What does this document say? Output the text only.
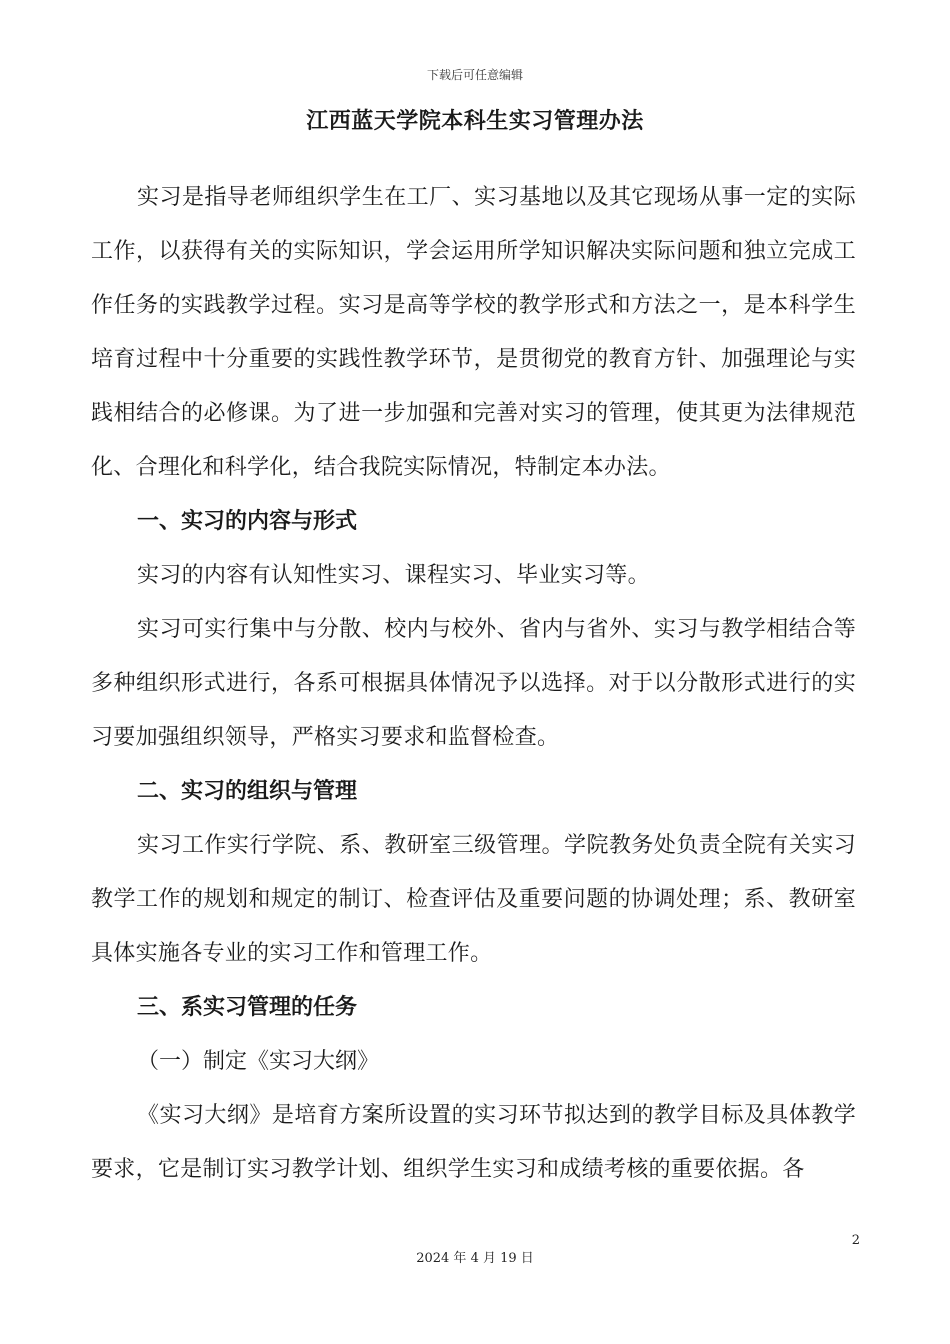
下载后可任意编辑
江西蓝天学院本科生实习管理办法

实习是指导老师组织学生在工厂、实习基地以及其它现场从事一定的实际工作，以获得有关的实际知识，学会运用所学知识解决实际问题和独立完成工作任务的实践教学过程。实习是高等学校的教学形式和方法之一，是本科学生培育过程中十分重要的实践性教学环节，是贯彻党的教育方针、加强理论与实践相结合的必修课。为了进一步加强和完善对实习的管理，使其更为法律规范化、合理化和科学化，结合我院实际情况，特制定本办法。

一、实习的内容与形式

实习的内容有认知性实习、课程实习、毕业实习等。

实习可实行集中与分散、校内与校外、省内与省外、实习与教学相结合等多种组织形式进行，各系可根据具体情况予以选择。对于以分散形式进行的实习要加强组织领导，严格实习要求和监督检查。

二、实习的组织与管理

实习工作实行学院、系、教研室三级管理。学院教务处负责全院有关实习教学工作的规划和规定的制订、检查评估及重要问题的协调处理；系、教研室具体实施各专业的实习工作和管理工作。

三、系实习管理的任务

（一）制定《实习大纲》

《实习大纲》是培育方案所设置的实习环节拟达到的教学目标及具体教学要求，它是制订实习教学计划、组织学生实习和成绩考核的重要依据。各

2
2024 年 4 月 19 日
